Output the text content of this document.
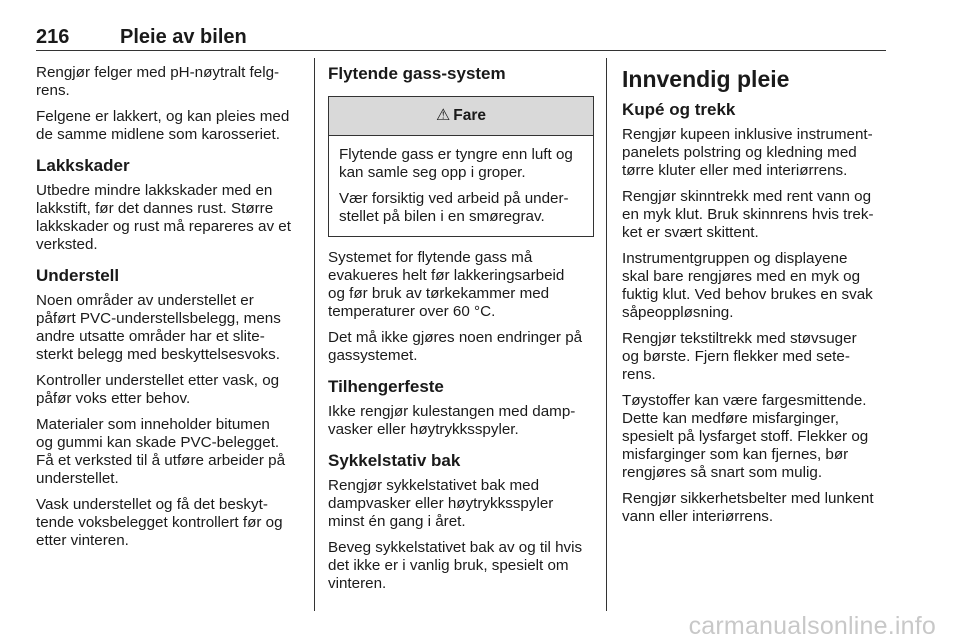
216	Pleie av bilen

Rengjør felger med pH-nøytralt felg-
rens.

Felgene er lakkert, og kan pleies med
de samme midlene som karosseriet.

Lakkskader

Utbedre mindre lakkskader med en
lakkstift, før det dannes rust. Større
lakkskader og rust må repareres av et
verksted.

Understell

Noen områder av understellet er
påført PVC-understellsbelegg, mens
andre utsatte områder har et slite-
sterkt belegg med beskyttelsesvoks.

Kontroller understellet etter vask, og
påfør voks etter behov.

Materialer som inneholder bitumen
og gummi kan skade PVC-belegget.
Få et verksted til å utføre arbeider på
understellet.

Vask understellet og få det beskyt-
tende voksbelegget kontrollert før og
etter vinteren.

Flytende gass-system
⚠ Fare

Flytende gass er tyngre enn luft og
kan samle seg opp i groper.

Vær forsiktig ved arbeid på under-
stellet på bilen i en smøregrav.

Systemet for flytende gass må
evakueres helt før lakkeringsarbeid
og før bruk av tørkekammer med
temperaturer over 60 °C.

Det må ikke gjøres noen endringer på
gassystemet.

Tilhengerfeste

Ikke rengjør kulestangen med damp-
vasker eller høytrykksspyler.

Sykkelstativ bak

Rengjør sykkelstativet bak med
dampvasker eller høytrykksspyler
minst én gang i året.

Beveg sykkelstativet bak av og til hvis
det ikke er i vanlig bruk, spesielt om
vinteren.

Innvendig pleie
Kupé og trekk

Rengjør kupeen inklusive instrument-
panelets polstring og kledning med
tørre kluter eller med interiørrens.

Rengjør skinntrekk med rent vann og
en myk klut. Bruk skinnrens hvis trek-
ket er svært skittent.

Instrumentgruppen og displayene
skal bare rengjøres med en myk og
fuktig klut. Ved behov brukes en svak
såpeoppløsning.

Rengjør tekstiltrekk med støvsuger
og børste. Fjern flekker med sete-
rens.

Tøystoffer kan være fargesmittende.
Dette kan medføre misfarginger,
spesielt på lysfarget stoff. Flekker og
misfarginger som kan fjernes, bør
rengjøres så snart som mulig.

Rengjør sikkerhetsbelter med lunkent
vann eller interiørrens.

carmanualsonline.info
